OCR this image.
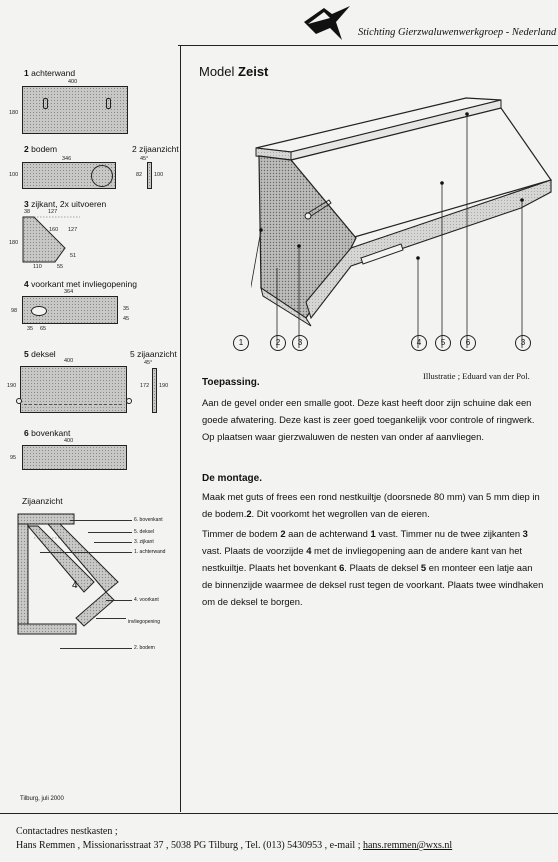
Stichting Gierzwaluwenwerkgroep - Nederland
1 achterwand
400
180
2 bodem	2 zijaanzicht
346
100
45°
82 100
3 zijkant, 2x uitvoeren
38	127
180
160 127
51
110	55
4 voorkant met invliegopening
364
98	35
45
35 65
5 deksel	5 zijaanzicht
400
190
45°
172 190
6 bovenkant
400
95
Zijaanzicht
4
6. bovenkant
5. deksel
3. zijkant
1. achterwand
4. voorkant
invliegopening
2. bodem
Tilburg, juli 2000
Model Zeist
1	2	3	4	5	6	3
Illustratie ; Eduard van der Pol.
Toepassing.
Aan de gevel onder een smalle goot. Deze kast heeft door zijn schuine dak een goede afwatering. Deze kast is zeer goed toegankelijk voor controle of ringwerk. Op plaatsen waar gierzwaluwen de nesten van onder af aanvliegen.
De montage.
Maak met guts of frees een rond nestkuiltje (doorsnede 80 mm) van 5 mm diep in de bodem.2. Dit voorkomt het wegrollen van de eieren.
Timmer de bodem 2 aan de achterwand 1 vast. Timmer nu de twee zijkanten 3 vast. Plaats de voorzijde 4 met de invliegopening aan de andere kant van het nestkuiltje. Plaats het bovenkant 6. Plaats de deksel 5 en monteer een latje aan de binnenzijde waarmee de deksel rust tegen de voorkant. Plaats twee windhaken om de deksel te borgen.
Contactadres nestkasten ;
Hans Remmen , Missionarisstraat 37 , 5038 PG Tilburg , Tel. (013) 5430953 , e-mail ; hans.remmen@wxs.nl
